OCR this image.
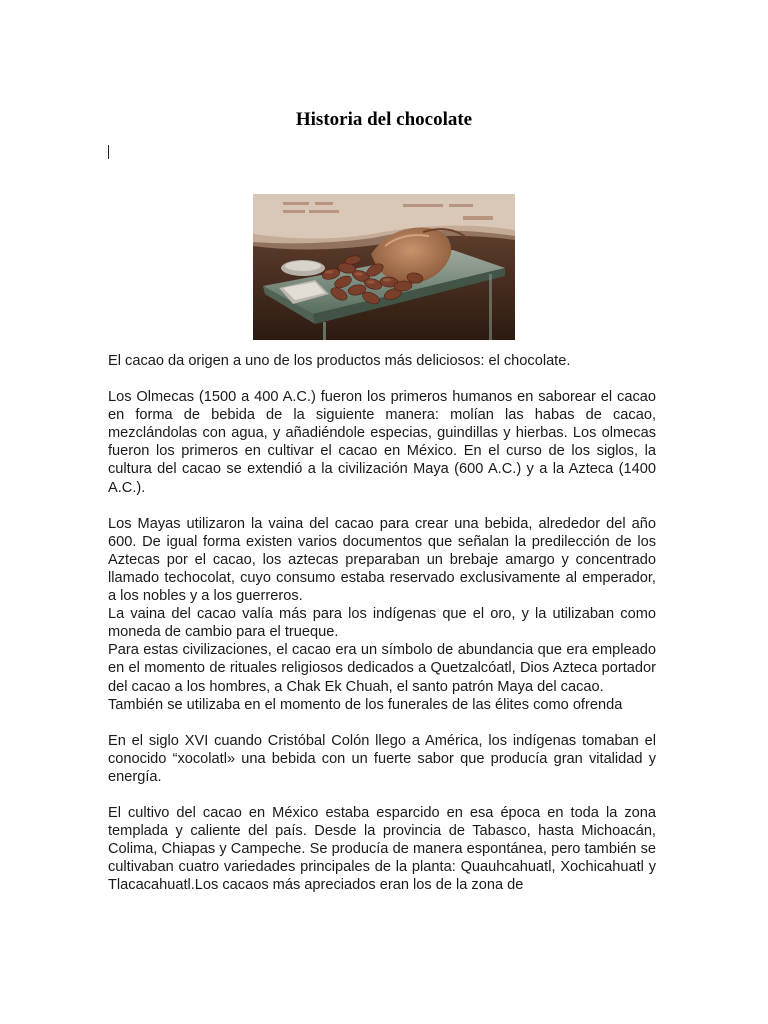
Historia del chocolate

El cacao da origen a uno de los productos más deliciosos: el chocolate.

Los Olmecas (1500 a 400 A.C.) fueron los primeros humanos en saborear el cacao en forma de bebida de la siguiente manera: molían las habas de cacao, mezclándolas con agua, y añadiéndole especias, guindillas y hierbas. Los olmecas fueron los primeros en cultivar el cacao en México. En el curso de los siglos, la cultura del cacao se extendió a la civilización Maya (600 A.C.) y a la Azteca (1400 A.C.).

Los Mayas utilizaron la vaina del cacao para crear una bebida, alrededor del año 600. De igual forma existen varios documentos que señalan la predilección de los Aztecas por el cacao, los aztecas preparaban un brebaje amargo y concentrado llamado techocolat, cuyo consumo estaba reservado exclusivamente al emperador, a los nobles y a los guerreros.

La vaina del cacao valía más para los indígenas que el oro, y la utilizaban como moneda de cambio para el trueque.

Para estas civilizaciones, el cacao era un símbolo de abundancia que era empleado en el momento de rituales religiosos dedicados a Quetzalcóatl, Dios Azteca portador del cacao a los hombres, a Chak Ek Chuah, el santo patrón Maya del cacao.

También se utilizaba en el momento de los funerales de las élites como ofrenda

En el siglo XVI cuando Cristóbal Colón llego a América, los indígenas tomaban el conocido “xocolatl» una bebida con un fuerte sabor que producía gran vitalidad y energía.

El cultivo del cacao en México estaba esparcido en esa época en toda la zona templada y caliente del país. Desde la provincia de Tabasco, hasta Michoacán, Colima, Chiapas y Campeche. Se producía de manera espontánea, pero también se cultivaban cuatro variedades principales de la planta: Quauhcahuatl, Xochicahuatl y Tlacacahuatl.Los cacaos más apreciados eran los de la zona de
